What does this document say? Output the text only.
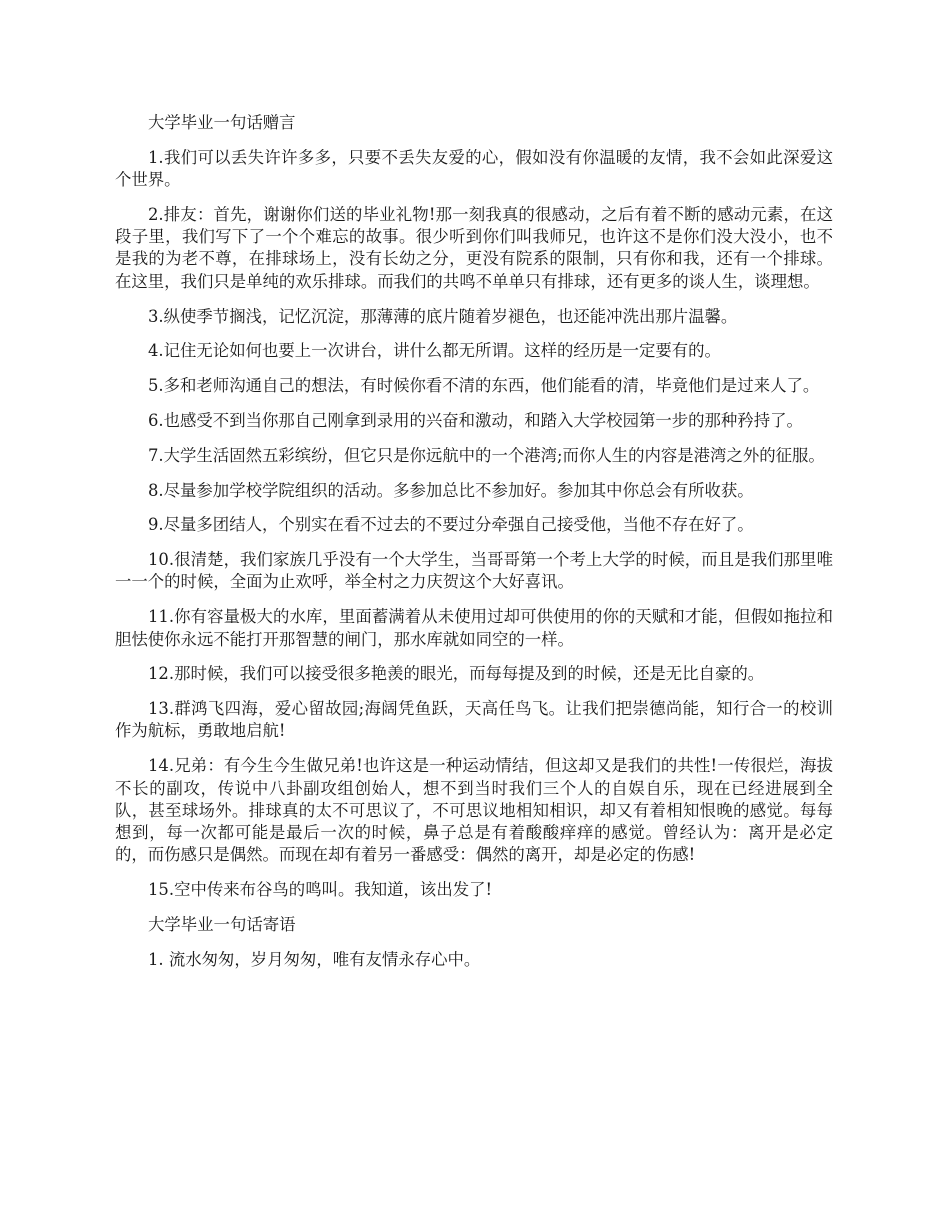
大学毕业一句话赠言

1.我们可以丢失许许多多，只要不丢失友爱的心，假如没有你温暖的友情，我不会如此深爱这个世界。

2.排友：首先，谢谢你们送的毕业礼物!那一刻我真的很感动，之后有着不断的感动元素，在这段子里，我们写下了一个个难忘的故事。很少听到你们叫我师兄，也许这不是你们没大没小，也不是我的为老不尊，在排球场上，没有长幼之分，更没有院系的限制，只有你和我，还有一个排球。在这里，我们只是单纯的欢乐排球。而我们的共鸣不单单只有排球，还有更多的谈人生，谈理想。

3.纵使季节搁浅，记忆沉淀，那薄薄的底片随着岁褪色，也还能冲洗出那片温馨。

4.记住无论如何也要上一次讲台，讲什么都无所谓。这样的经历是一定要有的。

5.多和老师沟通自己的想法，有时候你看不清的东西，他们能看的清，毕竟他们是过来人了。

6.也感受不到当你那自己刚拿到录用的兴奋和激动，和踏入大学校园第一步的那种矜持了。

7.大学生活固然五彩缤纷，但它只是你远航中的一个港湾;而你人生的内容是港湾之外的征服。

8.尽量参加学校学院组织的活动。多参加总比不参加好。参加其中你总会有所收获。

9.尽量多团结人，个别实在看不过去的不要过分牵强自己接受他，当他不存在好了。

10.很清楚，我们家族几乎没有一个大学生，当哥哥第一个考上大学的时候，而且是我们那里唯一一个的时候，全面为止欢呼，举全村之力庆贺这个大好喜讯。

11.你有容量极大的水库，里面蓄满着从未使用过却可供使用的你的天赋和才能，但假如拖拉和胆怯使你永远不能打开那智慧的闸门，那水库就如同空的一样。

12.那时候，我们可以接受很多艳羡的眼光，而每每提及到的时候，还是无比自豪的。

13.群鸿飞四海，爱心留故园;海阔凭鱼跃，天高任鸟飞。让我们把崇德尚能，知行合一的校训作为航标，勇敢地启航!

14.兄弟：有今生今生做兄弟!也许这是一种运动情结，但这却又是我们的共性!一传很烂，海拔不长的副攻，传说中八卦副攻组创始人，想不到当时我们三个人的自娱自乐，现在已经进展到全队，甚至球场外。排球真的太不可思议了，不可思议地相知相识，却又有着相知恨晚的感觉。每每想到，每一次都可能是最后一次的时候，鼻子总是有着酸酸痒痒的感觉。曾经认为：离开是必定的，而伤感只是偶然。而现在却有着另一番感受：偶然的离开，却是必定的伤感!

15.空中传来布谷鸟的鸣叫。我知道，该出发了!

大学毕业一句话寄语

1. 流水匆匆，岁月匆匆，唯有友情永存心中。
